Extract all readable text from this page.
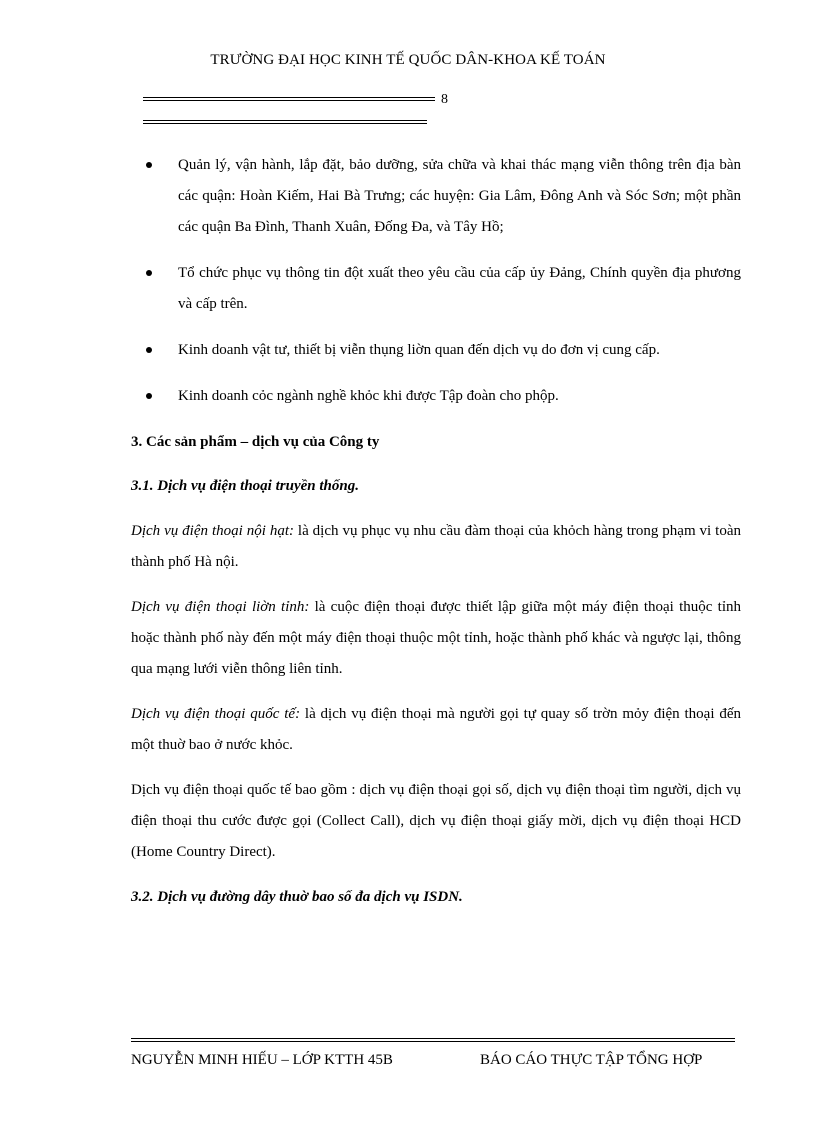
TRƯỜNG ĐẠI HỌC KINH TẾ QUỐC DÂN-KHOA KẾ TOÁN
8
Quản lý, vận hành, lắp đặt, bảo dưỡng, sửa chữa và khai thác mạng viễn thông trên địa bàn các quận: Hoàn Kiếm, Hai Bà Trưng; các huyện: Gia Lâm, Đông Anh và Sóc Sơn; một phần các quận Ba Đình, Thanh Xuân, Đống Đa, và Tây Hồ;
Tổ chức phục vụ thông tin đột xuất theo yêu cầu của cấp ủy Đảng, Chính quyền địa phương và cấp trên.
Kinh doanh vật tư, thiết bị viễn thụng liờn quan đến dịch vụ do đơn vị cung cấp.
Kinh doanh cỏc ngành nghề khỏc khi được Tập đoàn cho phộp.
3. Các sản phẩm – dịch vụ của Công ty
3.1. Dịch vụ điện thoại truyền thống.

Dịch vụ điện thoại nội hạt: là dịch vụ phục vụ nhu cầu đàm thoại của khỏch hàng trong phạm vi toàn thành phố Hà nội.

Dịch vụ điện thoại liờn tỉnh: là cuộc điện thoại được thiết lập giữa một máy điện thoại thuộc tỉnh hoặc thành phố này đến một máy điện thoại thuộc một tỉnh, hoặc thành phố khác và ngược lại, thông qua mạng lưới viễn thông liên tỉnh.

Dịch vụ điện thoại quốc tế: là dịch vụ điện thoại mà người gọi tự quay số trờn mỏy điện thoại đến một thuờ bao ở nước khỏc.

Dịch vụ điện thoại quốc tế bao gồm : dịch vụ điện thoại gọi số, dịch vụ điện thoại tìm người, dịch vụ điện thoại thu cước được gọi (Collect Call), dịch vụ điện thoại giấy mời, dịch vụ điện thoại HCD (Home Country Direct).

3.2. Dịch vụ đường dây thuờ bao số đa dịch vụ ISDN.
NGUYỄN MINH HIẾU – LỚP KTTH 45B	BÁO CÁO THỰC TẬP TỔNG HỢP
